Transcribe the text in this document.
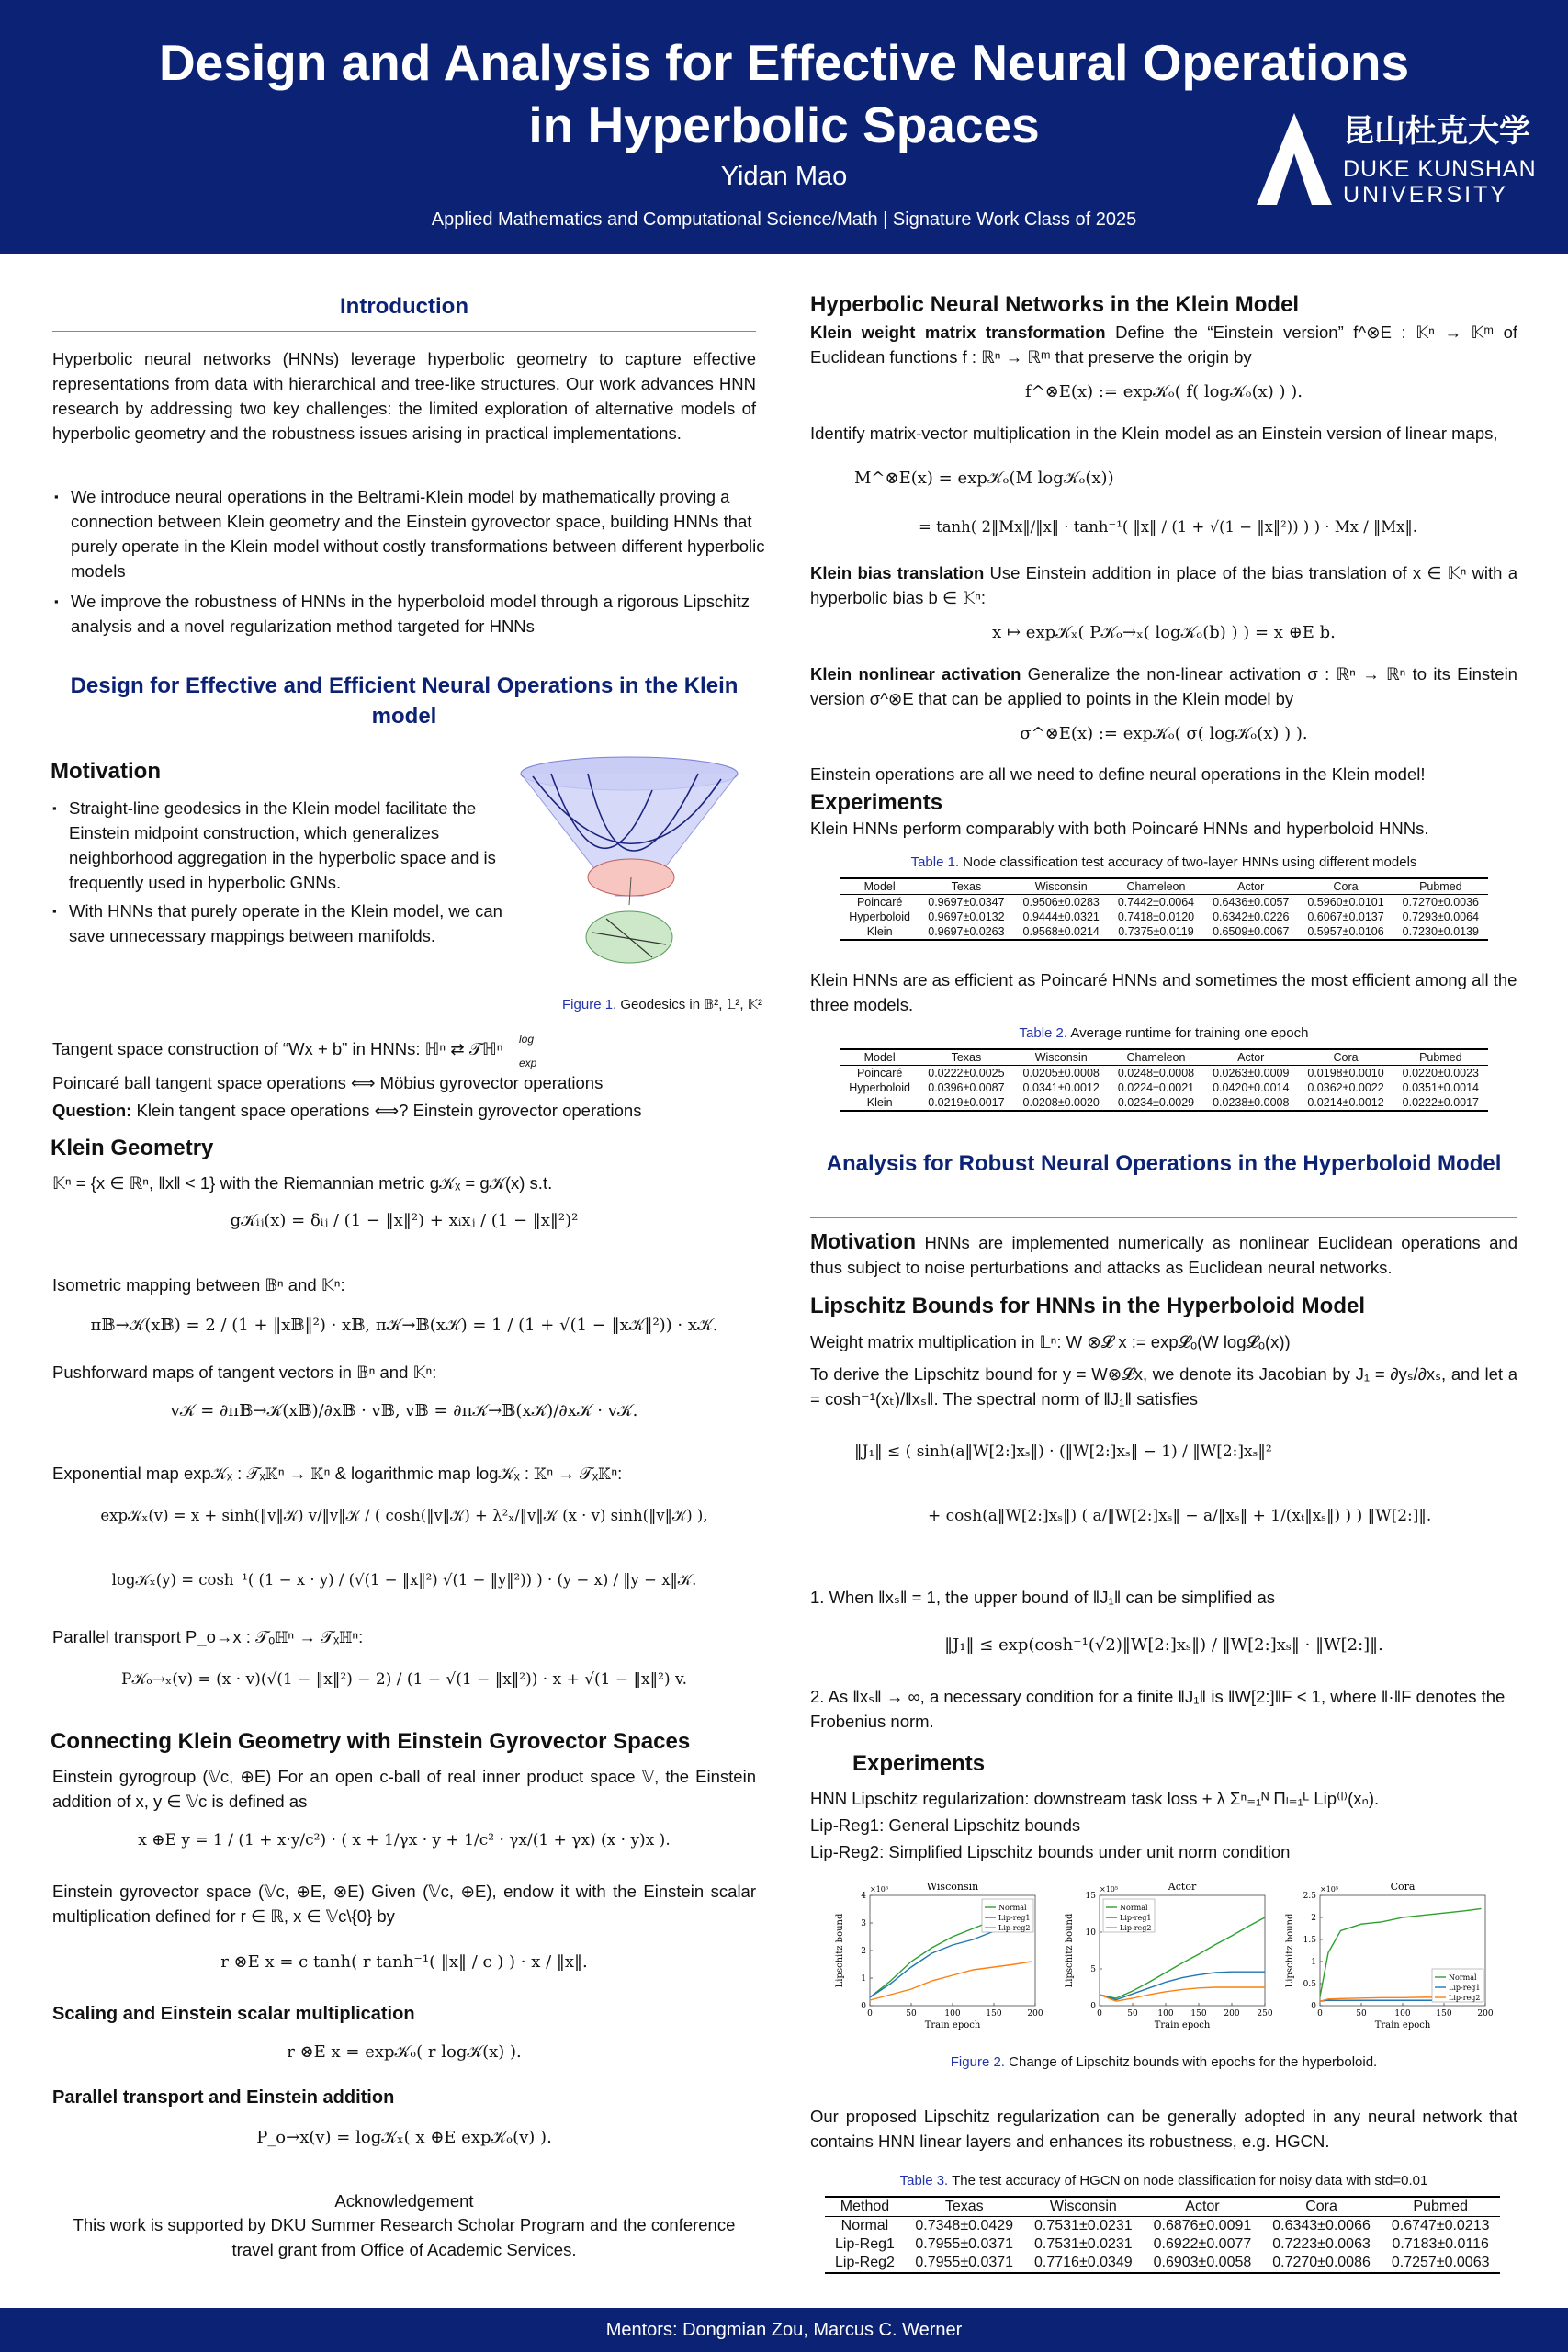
Design and Analysis for Effective Neural Operations
in Hyperbolic Spaces
Yidan Mao
Applied Mathematics and Computational Science/Math | Signature Work Class of 2025
昆山杜克大学
DUKE KUNSHAN
UNIVERSITY
Introduction
Hyperbolic neural networks (HNNs) leverage hyperbolic geometry to capture effective representations from data with hierarchical and tree-like structures. Our work advances HNN research by addressing two key challenges: the limited exploration of alternative models of hyperbolic geometry and the robustness issues arising in practical implementations.
▪ We introduce neural operations in the Beltrami-Klein model by mathematically proving a connection between Klein geometry and the Einstein gyrovector space, building HNNs that purely operate in the Klein model without costly transformations between different hyperbolic models
▪ We improve the robustness of HNNs in the hyperboloid model through a rigorous Lipschitz analysis and a novel regularization method targeted for HNNs
Design for Effective and Efficient Neural Operations in the Klein model
Motivation
▪ Straight-line geodesics in the Klein model facilitate the Einstein midpoint construction, which generalizes neighborhood aggregation in the hyperbolic space and is frequently used in hyperbolic GNNs.
▪ With HNNs that purely operate in the Klein model, we can save unnecessary mappings between manifolds.
Figure 1. Geodesics in 𝔹², 𝕃², 𝕂²
Tangent space construction of “Wx + b” in HNNs: ℍⁿ ⇄ 𝒯ℍⁿ log
exp
Poincaré ball tangent space operations ⟺ Möbius gyrovector operations
Question: Klein tangent space operations ⟺? Einstein gyrovector operations
Klein Geometry
𝕂ⁿ = {x ∈ ℝⁿ, ‖x‖ < 1} with the Riemannian metric g𝒦ₓ = g𝒦(x) s.t.
g𝒦ᵢⱼ(x) = δᵢⱼ / (1 − ‖x‖²) + xᵢxⱼ / (1 − ‖x‖²)²
Isometric mapping between 𝔹ⁿ and 𝕂ⁿ:
π𝔹→𝒦(x𝔹) = 2 / (1 + ‖x𝔹‖²) · x𝔹, π𝒦→𝔹(x𝒦) = 1 / (1 + √(1 − ‖x𝒦‖²)) · x𝒦.
Pushforward maps of tangent vectors in 𝔹ⁿ and 𝕂ⁿ:
v𝒦 = ∂π𝔹→𝒦(x𝔹)/∂x𝔹 · v𝔹, v𝔹 = ∂π𝒦→𝔹(x𝒦)/∂x𝒦 · v𝒦.
Exponential map exp𝒦ₓ : 𝒯ₓ𝕂ⁿ → 𝕂ⁿ & logarithmic map log𝒦ₓ : 𝕂ⁿ → 𝒯ₓ𝕂ⁿ:
exp𝒦ₓ(v) = x + sinh(‖v‖𝒦) v/‖v‖𝒦 / ( cosh(‖v‖𝒦) + λ²ₓ/‖v‖𝒦 (x · v) sinh(‖v‖𝒦) ),
log𝒦ₓ(y) = cosh⁻¹( (1 − x · y) / (√(1 − ‖x‖²) √(1 − ‖y‖²)) ) · (y − x) / ‖y − x‖𝒦.
Parallel transport P_o→x : 𝒯ₒℍⁿ → 𝒯ₓℍⁿ:
P𝒦ₒ→ₓ(v) = (x · v)(√(1 − ‖x‖²) − 2) / (1 − √(1 − ‖x‖²)) · x + √(1 − ‖x‖²) v.
Connecting Klein Geometry with Einstein Gyrovector Spaces
Einstein gyrogroup (𝕍c, ⊕E) For an open c-ball of real inner product space 𝕍, the Einstein addition of x, y ∈ 𝕍c is defined as
x ⊕E y = 1 / (1 + x·y/c²) · ( x + 1/γx · y + 1/c² · γx/(1 + γx) (x · y)x ).
Einstein gyrovector space (𝕍c, ⊕E, ⊗E) Given (𝕍c, ⊕E), endow it with the Einstein scalar multiplication defined for r ∈ ℝ, x ∈ 𝕍c\{0} by
r ⊗E x = c tanh( r tanh⁻¹( ‖x‖ / c ) ) · x / ‖x‖.
Scaling and Einstein scalar multiplication
r ⊗E x = exp𝒦ₒ( r log𝒦(x) ).
Parallel transport and Einstein addition
P_o→x(v) = log𝒦ₓ( x ⊕E exp𝒦ₒ(v) ).
Acknowledgement
This work is supported by DKU Summer Research Scholar Program and the conference travel grant from Office of Academic Services.
Hyperbolic Neural Networks in the Klein Model
Klein weight matrix transformation Define the “Einstein version” f^⊗E : 𝕂ⁿ → 𝕂ᵐ of Euclidean functions f : ℝⁿ → ℝᵐ that preserve the origin by
f^⊗E(x) := exp𝒦ₒ( f( log𝒦ₒ(x) ) ).
Identify matrix-vector multiplication in the Klein model as an Einstein version of linear maps,
M^⊗E(x) = exp𝒦ₒ(M log𝒦ₒ(x))
= tanh( 2‖Mx‖/‖x‖ · tanh⁻¹( ‖x‖ / (1 + √(1 − ‖x‖²)) ) ) · Mx / ‖Mx‖.
Klein bias translation Use Einstein addition in place of the bias translation of x ∈ 𝕂ⁿ with a hyperbolic bias b ∈ 𝕂ⁿ:
x ↦ exp𝒦ₓ( P𝒦ₒ→ₓ( log𝒦ₒ(b) ) ) = x ⊕E b.
Klein nonlinear activation Generalize the non-linear activation σ : ℝⁿ → ℝⁿ to its Einstein version σ^⊗E that can be applied to points in the Klein model by
σ^⊗E(x) := exp𝒦ₒ( σ( log𝒦ₒ(x) ) ).
Einstein operations are all we need to define neural operations in the Klein model!
Experiments
Klein HNNs perform comparably with both Poincaré HNNs and hyperboloid HNNs.
Table 1. Node classification test accuracy of two-layer HNNs using different models
Model	Texas	Wisconsin	Chameleon	Actor	Cora	Pubmed
Poincaré	0.9697±0.0347	0.9506±0.0283	0.7442±0.0064	0.6436±0.0057	0.5960±0.0101	0.7270±0.0036
Hyperboloid	0.9697±0.0132	0.9444±0.0321	0.7418±0.0120	0.6342±0.0226	0.6067±0.0137	0.7293±0.0064
Klein	0.9697±0.0263	0.9568±0.0214	0.7375±0.0119	0.6509±0.0067	0.5957±0.0106	0.7230±0.0139
Klein HNNs are as efficient as Poincaré HNNs and sometimes the most efficient among all the three models.
Table 2. Average runtime for training one epoch
Model	Texas	Wisconsin	Chameleon	Actor	Cora	Pubmed
Poincaré	0.0222±0.0025	0.0205±0.0008	0.0248±0.0008	0.0263±0.0009	0.0198±0.0010	0.0220±0.0023
Hyperboloid	0.0396±0.0087	0.0341±0.0012	0.0224±0.0021	0.0420±0.0014	0.0362±0.0022	0.0351±0.0014
Klein	0.0219±0.0017	0.0208±0.0020	0.0234±0.0029	0.0238±0.0008	0.0214±0.0012	0.0222±0.0017
Analysis for Robust Neural Operations in the Hyperboloid Model
Motivation HNNs are implemented numerically as nonlinear Euclidean operations and thus subject to noise perturbations and attacks as Euclidean neural networks.
Lipschitz Bounds for HNNs in the Hyperboloid Model
Weight matrix multiplication in 𝕃ⁿ: W ⊗𝓛 x := exp𝓛ₒ(W log𝓛ₒ(x))
To derive the Lipschitz bound for y = W⊗𝓛x, we denote its Jacobian by J₁ = ∂yₛ/∂xₛ, and let a = cosh⁻¹(xₜ)/‖xₛ‖. The spectral norm of ‖J₁‖ satisfies
‖J₁‖ ≤ ( sinh(a‖W[2:]xₛ‖) · (‖W[2:]xₛ‖ − 1) / ‖W[2:]xₛ‖²
+ cosh(a‖W[2:]xₛ‖) ( a/‖W[2:]xₛ‖ − a/‖xₛ‖ + 1/(xₜ‖xₛ‖) ) ) ‖W[2:]‖.
1. When ‖xₛ‖ = 1, the upper bound of ‖J₁‖ can be simplified as
‖J₁‖ ≤ exp(cosh⁻¹(√2)‖W[2:]xₛ‖) / ‖W[2:]xₛ‖ · ‖W[2:]‖.
2. As ‖xₛ‖ → ∞, a necessary condition for a finite ‖J₁‖ is ‖W[2:]‖F < 1, where ‖·‖F denotes the Frobenius norm.
Experiments
HNN Lipschitz regularization: downstream task loss + λ Σⁿ₌₁ᴺ Πₗ₌₁ᴸ Lip⁽ˡ⁾(xₙ).
Lip-Reg1: General Lipschitz bounds
Lip-Reg2: Simplified Lipschitz bounds under unit norm condition
Wisconsin
×10⁶
0	50	100	150	200
0
1
2
3
4
Train epoch
Lipschitz bound
Normal
Lip-reg1
Lip-reg2
Actor
×10⁵
0	50 100 150 200 250
0
5
10
15
Train epoch
Lipschitz bound
Normal
Lip-reg1
Lip-reg2
Cora
×10⁵
0	50	100	150	200
0
0.5
1
1.5
2
2.5
Train epoch
Lipschitz bound	Normal
Lip-reg1
Lip-reg2
Figure 2. Change of Lipschitz bounds with epochs for the hyperboloid.
Our proposed Lipschitz regularization can be generally adopted in any neural network that contains HNN linear layers and enhances its robustness, e.g. HGCN.
Table 3. The test accuracy of HGCN on node classification for noisy data with std=0.01
Method	Texas	Wisconsin	Actor	Cora	Pubmed
Normal	0.7348±0.0429	0.7531±0.0231	0.6876±0.0091	0.6343±0.0066	0.6747±0.0213
Lip-Reg1	0.7955±0.0371	0.7531±0.0231	0.6922±0.0077	0.7223±0.0063	0.7183±0.0116
Lip-Reg2	0.7955±0.0371	0.7716±0.0349	0.6903±0.0058	0.7270±0.0086	0.7257±0.0063
Mentors: Dongmian Zou, Marcus C. Werner
